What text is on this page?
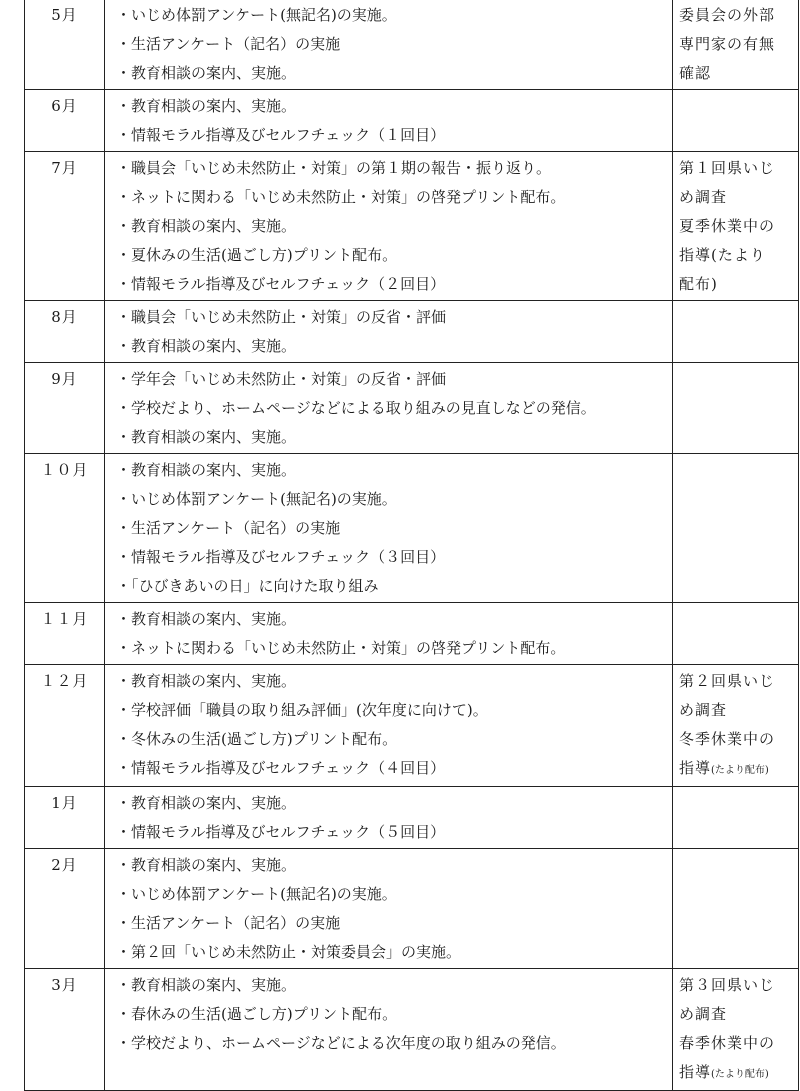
5月	・いじめ体罰アンケート(無記名)の実施。
・生活アンケート（記名）の実施
・教育相談の案内、実施。	委員会の外部
専門家の有無
確認

6月	・教育相談の案内、実施。
・情報モラル指導及びセルフチェック（１回目）	

7月	・職員会「いじめ未然防止・対策」の第１期の報告・振り返り。
・ネットに関わる「いじめ未然防止・対策」の啓発プリント配布。
・教育相談の案内、実施。
・夏休みの生活(過ごし方)プリント配布。
・情報モラル指導及びセルフチェック（２回目）	第１回県いじ
め調査
夏季休業中の
指導(たより
配布)

8月	・職員会「いじめ未然防止・対策」の反省・評価
・教育相談の案内、実施。	

9月	・学年会「いじめ未然防止・対策」の反省・評価
・学校だより、ホームページなどによる取り組みの見直しなどの発信。
・教育相談の案内、実施。	

１０月	・教育相談の案内、実施。
・いじめ体罰アンケート(無記名)の実施。
・生活アンケート（記名）の実施
・情報モラル指導及びセルフチェック（３回目）
・「ひびきあいの日」に向けた取り組み	

１１月	・教育相談の案内、実施。
・ネットに関わる「いじめ未然防止・対策」の啓発プリント配布。	

１２月	・教育相談の案内、実施。
・学校評価「職員の取り組み評価」(次年度に向けて)。
・冬休みの生活(過ごし方)プリント配布。
・情報モラル指導及びセルフチェック（４回目）	第２回県いじ
め調査
冬季休業中の
指導(たより配布)

1月	・教育相談の案内、実施。
・情報モラル指導及びセルフチェック（５回目）	

2月	・教育相談の案内、実施。
・いじめ体罰アンケート(無記名)の実施。
・生活アンケート（記名）の実施
・第２回「いじめ未然防止・対策委員会」の実施。	

3月	・教育相談の案内、実施。
・春休みの生活(過ごし方)プリント配布。
・学校だより、ホームページなどによる次年度の取り組みの発信。	第３回県いじ
め調査
春季休業中の
指導(たより配布)
